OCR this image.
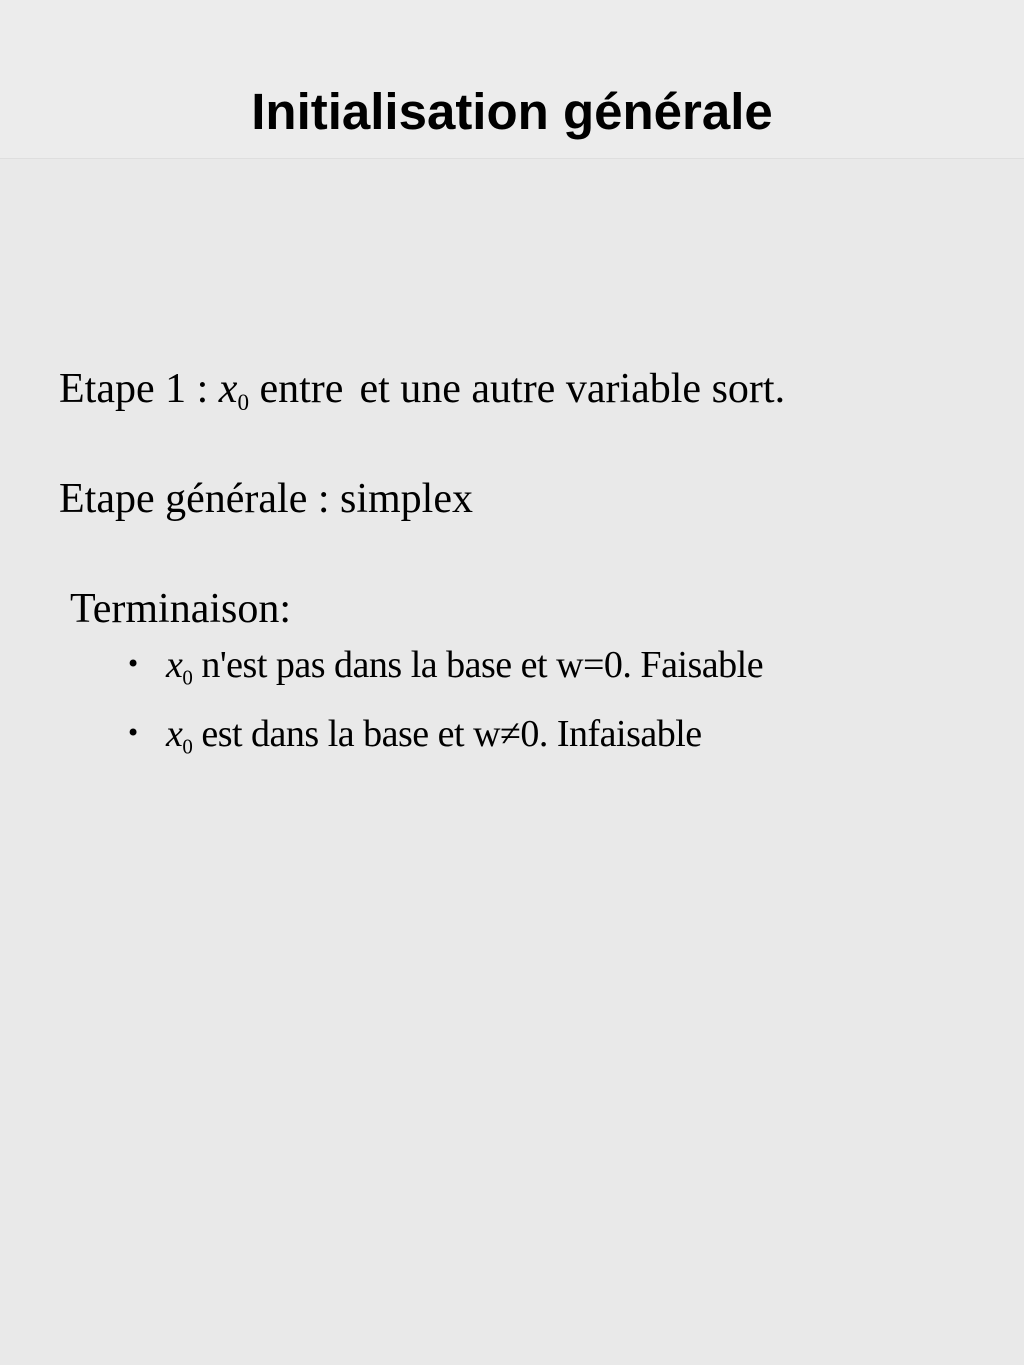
Initialisation générale

Etape 1 : $x_0$ entre et une autre variable sort.

Etape générale : simplex

Terminaison:

• $x_0$ n'est pas dans la base et w=0. Faisable
• $x_0$ est dans la base et w≠0. Infaisable
